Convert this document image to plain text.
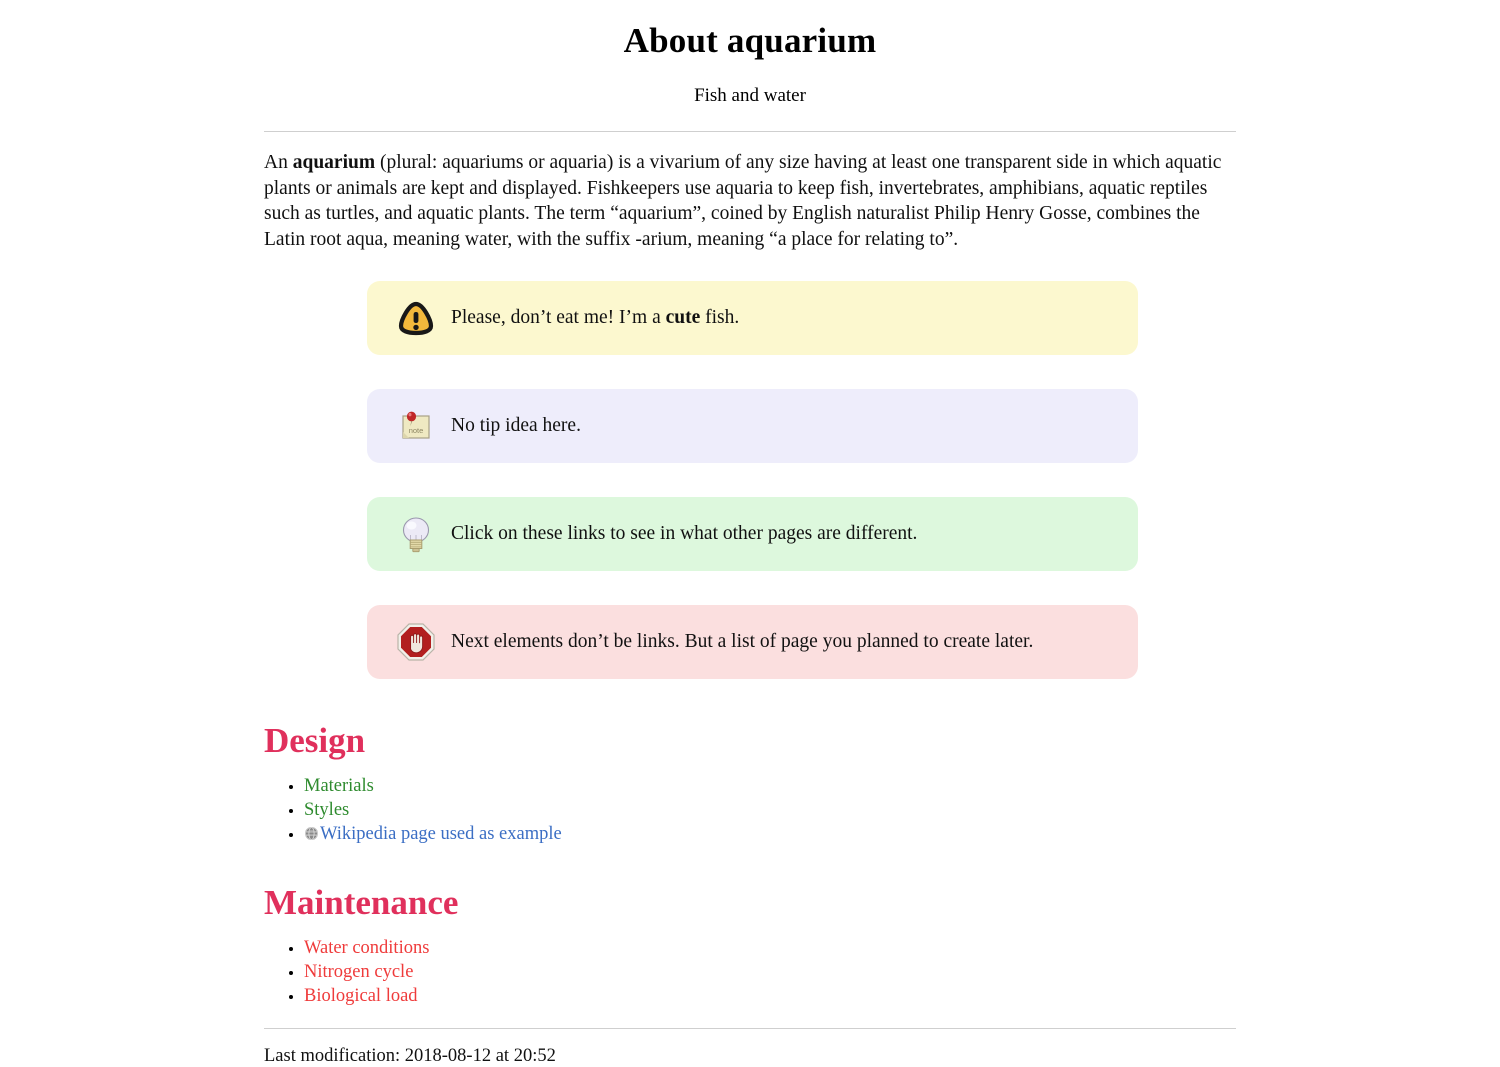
About aquarium
Fish and water

An aquarium (plural: aquariums or aquaria) is a vivarium of any size having at least one transparent side in which aquatic plants or animals are kept and displayed. Fishkeepers use aquaria to keep fish, invertebrates, amphibians, aquatic reptiles such as turtles, and aquatic plants. The term “aquarium”, coined by English naturalist Philip Henry Gosse, combines the Latin root aqua, meaning water, with the suffix -arium, meaning “a place for relating to”.

Please, don’t eat me! I’m a cute fish.
note	No tip idea here.
Click on these links to see in what other pages are different.
Next elements don’t be links. But a list of page you planned to create later.
Design
• Materials
• Styles
• Wikipedia page used as example
Maintenance
• Water conditions
• Nitrogen cycle
• Biological load
Last modification: 2018-08-12 at 20:52
